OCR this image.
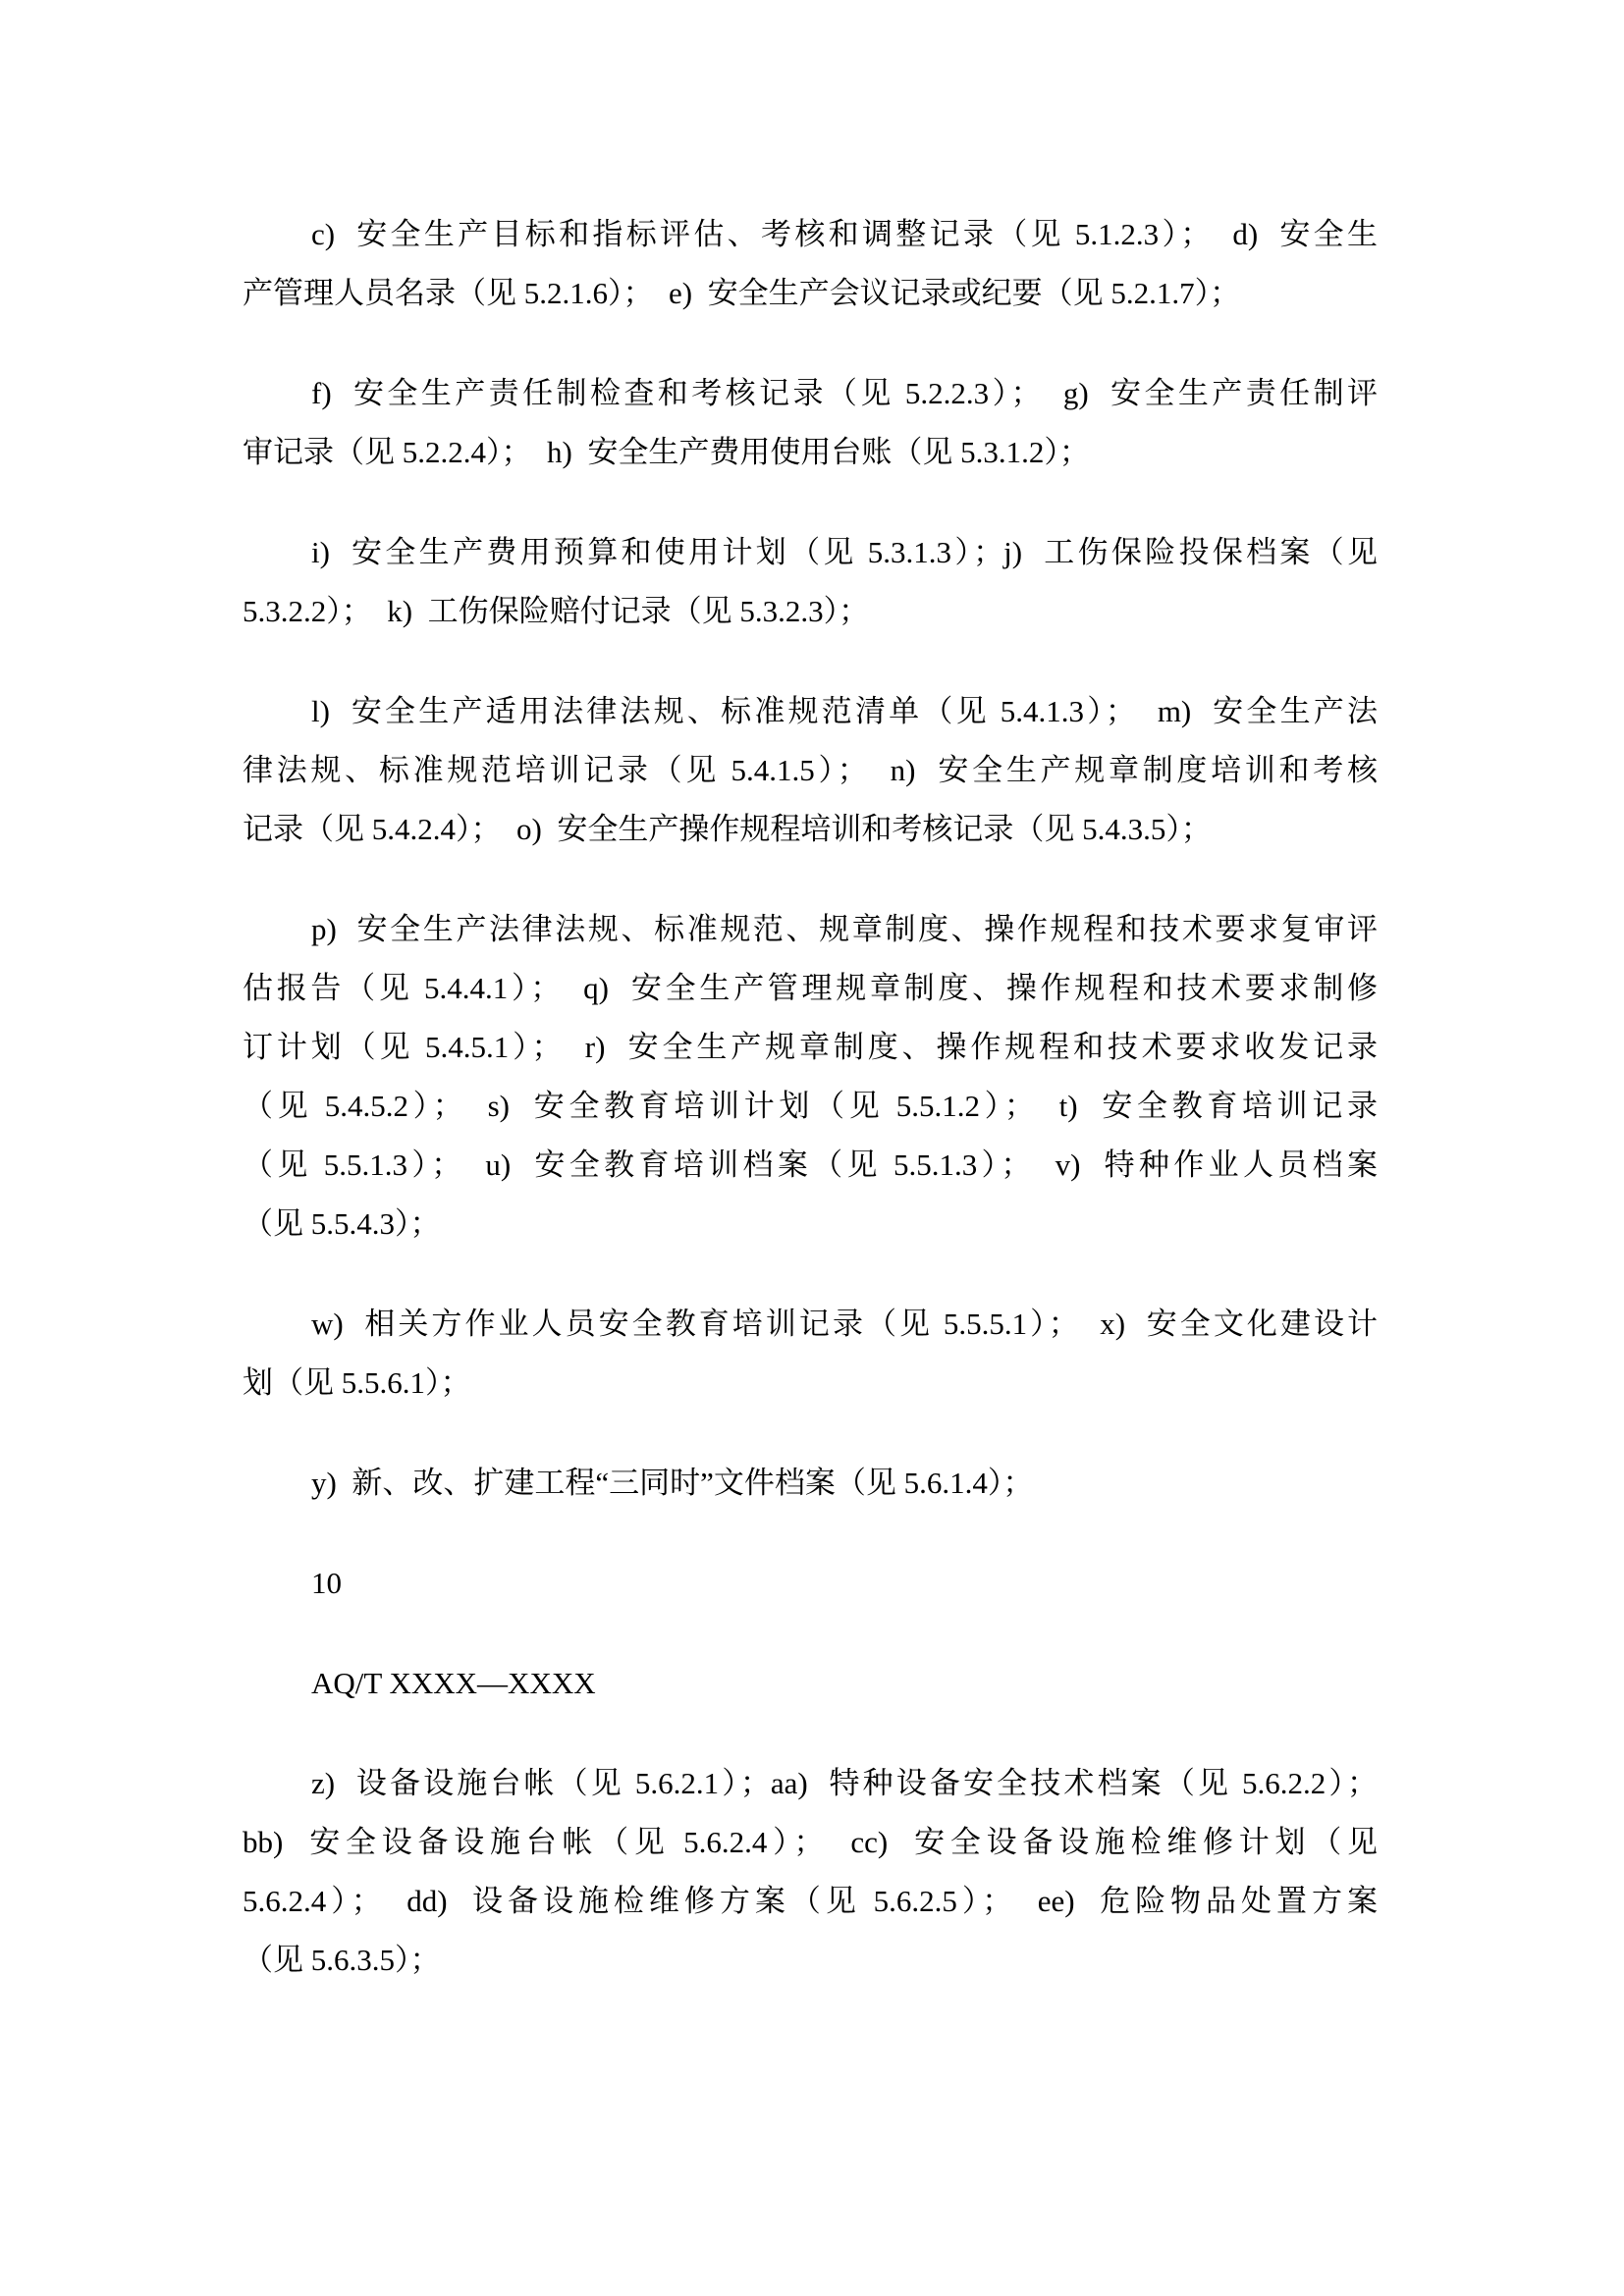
c)  安全生产目标和指标评估、考核和调整记录（见 5.1.2.3）；  d)  安全生
产管理人员名录（见 5.2.1.6）；  e)  安全生产会议记录或纪要（见 5.2.1.7）；
f)  安全生产责任制检查和考核记录（见 5.2.2.3）；  g)  安全生产责任制评
审记录（见 5.2.2.4）；  h)  安全生产费用使用台账（见 5.3.1.2）；
i)  安全生产费用预算和使用计划（见 5.3.1.3）；j)  工伤保险投保档案（见
5.3.2.2）；  k)  工伤保险赔付记录（见 5.3.2.3）；
l)  安全生产适用法律法规、标准规范清单（见 5.4.1.3）；  m)  安全生产法
律法规、标准规范培训记录（见 5.4.1.5）；  n)  安全生产规章制度培训和考核
记录（见 5.4.2.4）；  o)  安全生产操作规程培训和考核记录（见 5.4.3.5）；
p)  安全生产法律法规、标准规范、规章制度、操作规程和技术要求复审评
估报告（见 5.4.4.1）；  q)  安全生产管理规章制度、操作规程和技术要求制修
订计划（见 5.4.5.1）；  r)  安全生产规章制度、操作规程和技术要求收发记录
（见 5.4.5.2）；  s)  安全教育培训计划（见 5.5.1.2）；  t)  安全教育培训记录
（见 5.5.1.3）；  u)  安全教育培训档案（见 5.5.1.3）；  v)  特种作业人员档案
（见 5.5.4.3）；
w)  相关方作业人员安全教育培训记录（见 5.5.5.1）；  x)  安全文化建设计
划（见 5.5.6.1）；
y)  新、改、扩建工程“三同时”文件档案（见 5.6.1.4）；
10
AQ/T XXXX—XXXX
z)  设备设施台帐（见 5.6.2.1）；aa)  特种设备安全技术档案（见 5.6.2.2）；
bb)  安全设备设施台帐（见 5.6.2.4）；  cc)  安全设备设施检维修计划（见
5.6.2.4）；  dd)  设备设施检维修方案（见 5.6.2.5）；  ee)  危险物品处置方案
（见 5.6.3.5）；
